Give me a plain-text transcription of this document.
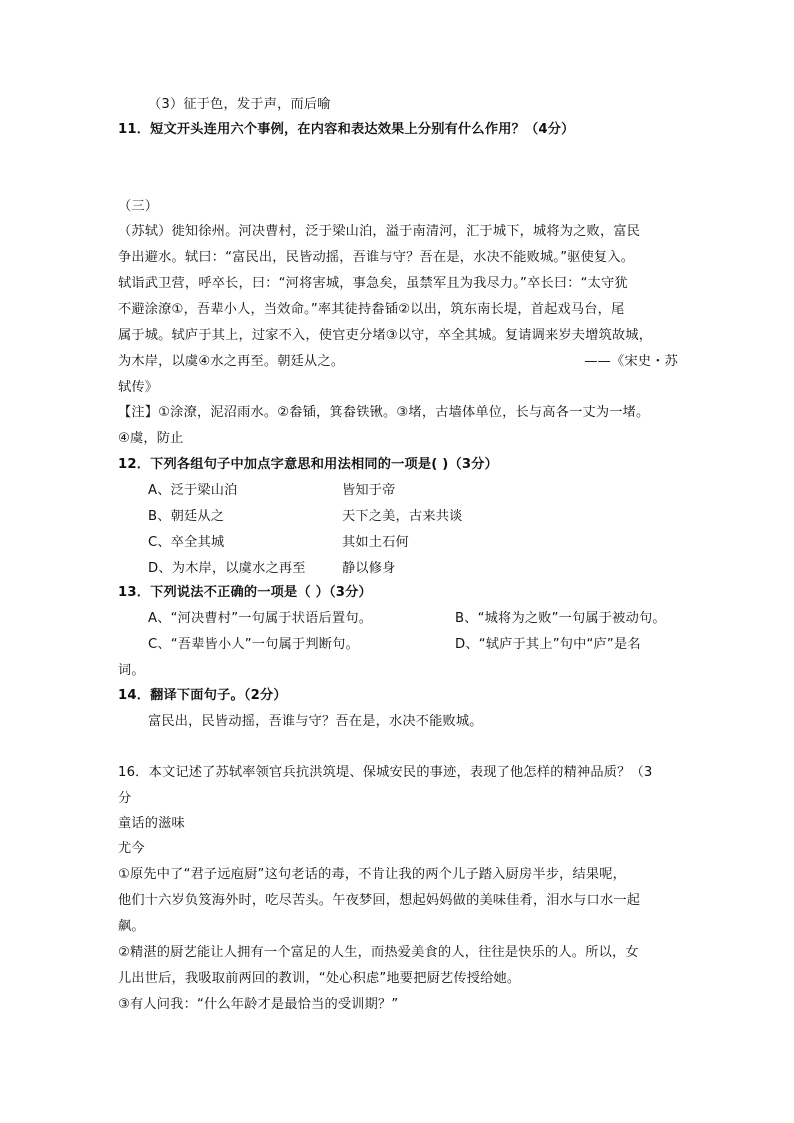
（3）征于色，发于声，而后喻
11．短文开头连用六个事例，在内容和表达效果上分别有什么作用？（4分）
（三）
（苏轼）徙知徐州。河决曹村，泛于梁山泊，溢于南清河，汇于城下，城将为之败，富民
争出避水。轼曰：“富民出，民皆动摇，吾谁与守？吾在是，水决不能败城。”驱使复入。
轼诣武卫营，呼卒长，曰：“河将害城，事急矣，虽禁军且为我尽力。”卒长曰：“太守犹
不避涂潦①，吾辈小人，当效命。”率其徒持畚锸②以出，筑东南长堤，首起戏马台，尾
属于城。轼庐于其上，过家不入，使官吏分堵③以守，卒全其城。复请调来岁夫增筑故城，
为木岸，以虞④水之再至。朝廷从之。	——《宋史・苏
轼传》
【注】①涂潦，泥沼雨水。②畚锸，箕畚铁锹。③堵，古墙体单位，长与高各一丈为一堵。
④虞，防止
12．下列各组句子中加点字意思和用法相同的一项是( )（3分）
A、泛于梁山泊	皆知于帝
B、朝廷从之	天下之美，古来共谈
C、卒全其城	其如土石何
D、为木岸，以虞水之再至	静以修身
13．下列说法不正确的一项是（ ）（3分）
A、“河决曹村”一句属于状语后置句。	B、“城将为之败”一句属于被动句。
C、“吾辈皆小人”一句属于判断句。	D、“轼庐于其上”句中“庐”是名
词。
14．翻译下面句子。（2分）
富民出，民皆动摇，吾谁与守？吾在是，水决不能败城。
16．本文记述了苏轼率领官兵抗洪筑堤、保城安民的事迹，表现了他怎样的精神品质？（3
分
童话的滋味
尤今
①原先中了“君子远庖厨”这句老话的毒，不肯让我的两个儿子踏入厨房半步，结果呢，
他们十六岁负笈海外时，吃尽苦头。午夜梦回，想起妈妈做的美味佳肴，泪水与口水一起
飙。
②精湛的厨艺能让人拥有一个富足的人生，而热爱美食的人，往往是快乐的人。所以，女
儿出世后，我吸取前两回的教训，“处心积虑”地要把厨艺传授给她。
③有人问我：“什么年龄才是最恰当的受训期？”
